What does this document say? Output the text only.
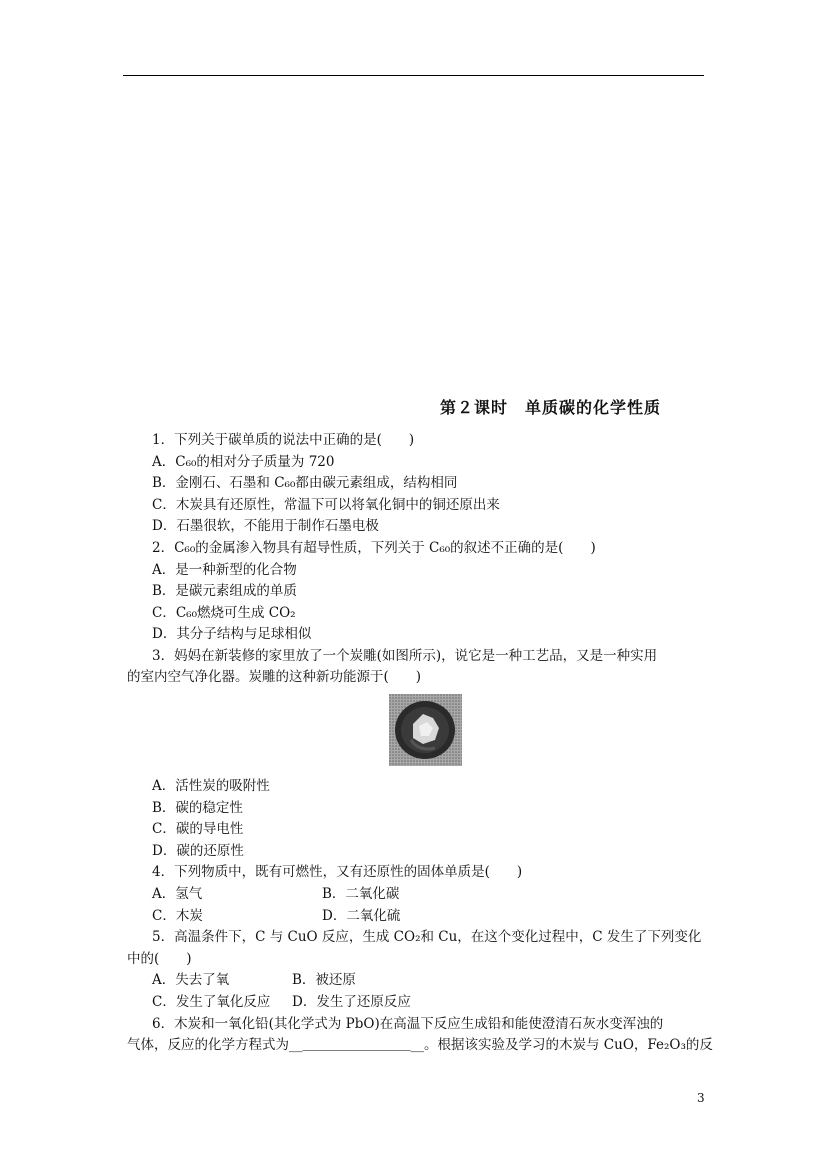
第２课时　单质碳的化学性质
1．下列关于碳单质的说法中正确的是(　　)
A．C₆₀的相对分子质量为 720
B．金刚石、石墨和 C₆₀都由碳元素组成，结构相同
C．木炭具有还原性，常温下可以将氧化铜中的铜还原出来
D．石墨很软，不能用于制作石墨电极
2．C₆₀的金属渗入物具有超导性质，下列关于 C₆₀的叙述不正确的是(　　)
A．是一种新型的化合物
B．是碳元素组成的单质
C．C₆₀燃烧可生成 CO₂
D．其分子结构与足球相似
3．妈妈在新装修的家里放了一个炭雕(如图所示)，说它是一种工艺品，又是一种实用
的室内空气净化器。炭雕的这种新功能源于(　　)
A．活性炭的吸附性
B．碳的稳定性
C．碳的导电性
D．碳的还原性
4．下列物质中，既有可燃性，又有还原性的固体单质是(　　)
A．氢气	B．二氧化碳
C．木炭	D．二氧化硫
5．高温条件下，C 与 CuO 反应，生成 CO₂和 Cu，在这个变化过程中，C 发生了下列变化
中的(　　)
A．失去了氧	B．被还原
C．发生了氧化反应 D．发生了还原反应
6．木炭和一氧化铅(其化学式为 PbO)在高温下反应生成铅和能使澄清石灰水变浑浊的
气体，反应的化学方程式为__＿＿＿＿＿＿＿＿__。根据该实验及学习的木炭与 CuO，Fe₂O₃的反
3
